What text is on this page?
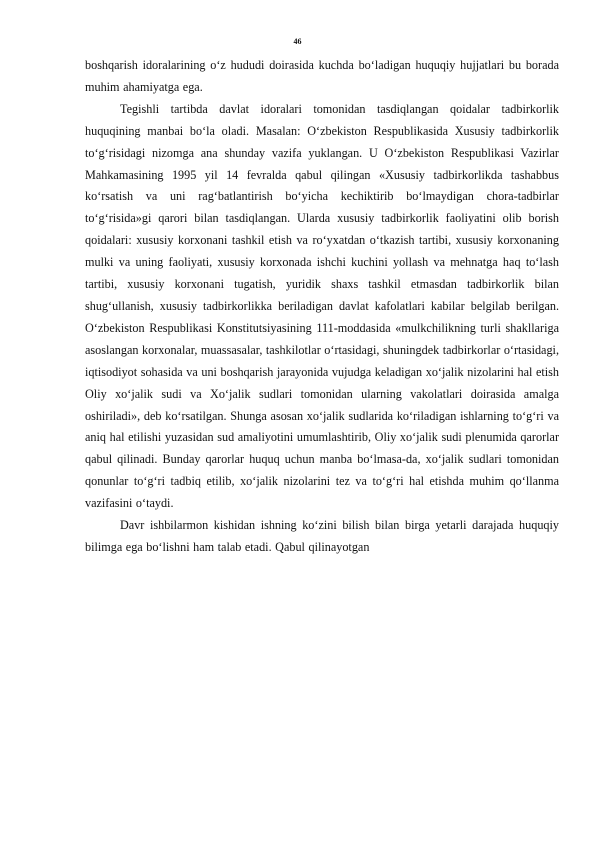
46

boshqarish idoralarining o‘z hududi doirasida kuchda bo‘ladigan huquqiy hujjatlari bu borada muhim ahamiyatga ega.

Tegishli tartibda davlat idoralari tomonidan tasdiqlangan qoidalar tadbirkorlik huquqining manbai bo‘la oladi. Masalan: O‘zbekiston Respublikasida Xususiy tadbirkorlik to‘g‘risidagi nizomga ana shunday vazifa yuklangan. U O‘zbekiston Respublikasi Vazirlar Mahkamasining 1995 yil 14 fevralda qabul qilingan «Xususiy tadbirkorlikda tashabbus ko‘rsatish va uni rag‘batlantirish bo‘yicha kechiktirib bo‘lmaydigan chora-tadbirlar to‘g‘risida»gi qarori bilan tasdiqlangan. Ularda xususiy tadbirkorlik faoliyatini olib borish qoidalari: xususiy korxonani tashkil etish va ro‘yxatdan o‘tkazish tartibi, xususiy korxonaning mulki va uning faoliyati, xususiy korxonada ishchi kuchini yollash va mehnatga haq to‘lash tartibi, xususiy korxonani tugatish, yuridik shaxs tashkil etmasdan tadbirkorlik bilan shug‘ullanish, xususiy tadbirkorlikka beriladigan davlat kafolatlari kabilar belgilab berilgan. O‘zbekiston Respublikasi Konstitutsiyasining 111-moddasida «mulkchilikning turli shakllariga asoslangan korxonalar, muassasalar, tashkilotlar o‘rtasidagi, shuningdek tadbirkorlar o‘rtasidagi, iqtisodiyot sohasida va uni boshqarish jarayonida vujudga keladigan xo‘jalik nizolarini hal etish Oliy xo‘jalik sudi va Xo‘jalik sudlari tomonidan ularning vakolatlari doirasida amalga oshiriladi», deb ko‘rsatilgan. Shunga asosan xo‘jalik sudlarida ko‘riladigan ishlarning to‘g‘ri va aniq hal etilishi yuzasidan sud amaliyotini umumlashtirib, Oliy xo‘jalik sudi plenumida qarorlar qabul qilinadi. Bunday qarorlar huquq uchun manba bo‘lmasa-da, xo‘jalik sudlari tomonidan qonunlar to‘g‘ri tadbiq etilib, xo‘jalik nizolarini tez va to‘g‘ri hal etishda muhim qo‘llanma vazifasini o‘taydi.

Davr ishbilarmon kishidan ishning ko‘zini bilish bilan birga yetarli darajada huquqiy bilimga ega bo‘lishni ham talab etadi. Qabul qilinayotgan
